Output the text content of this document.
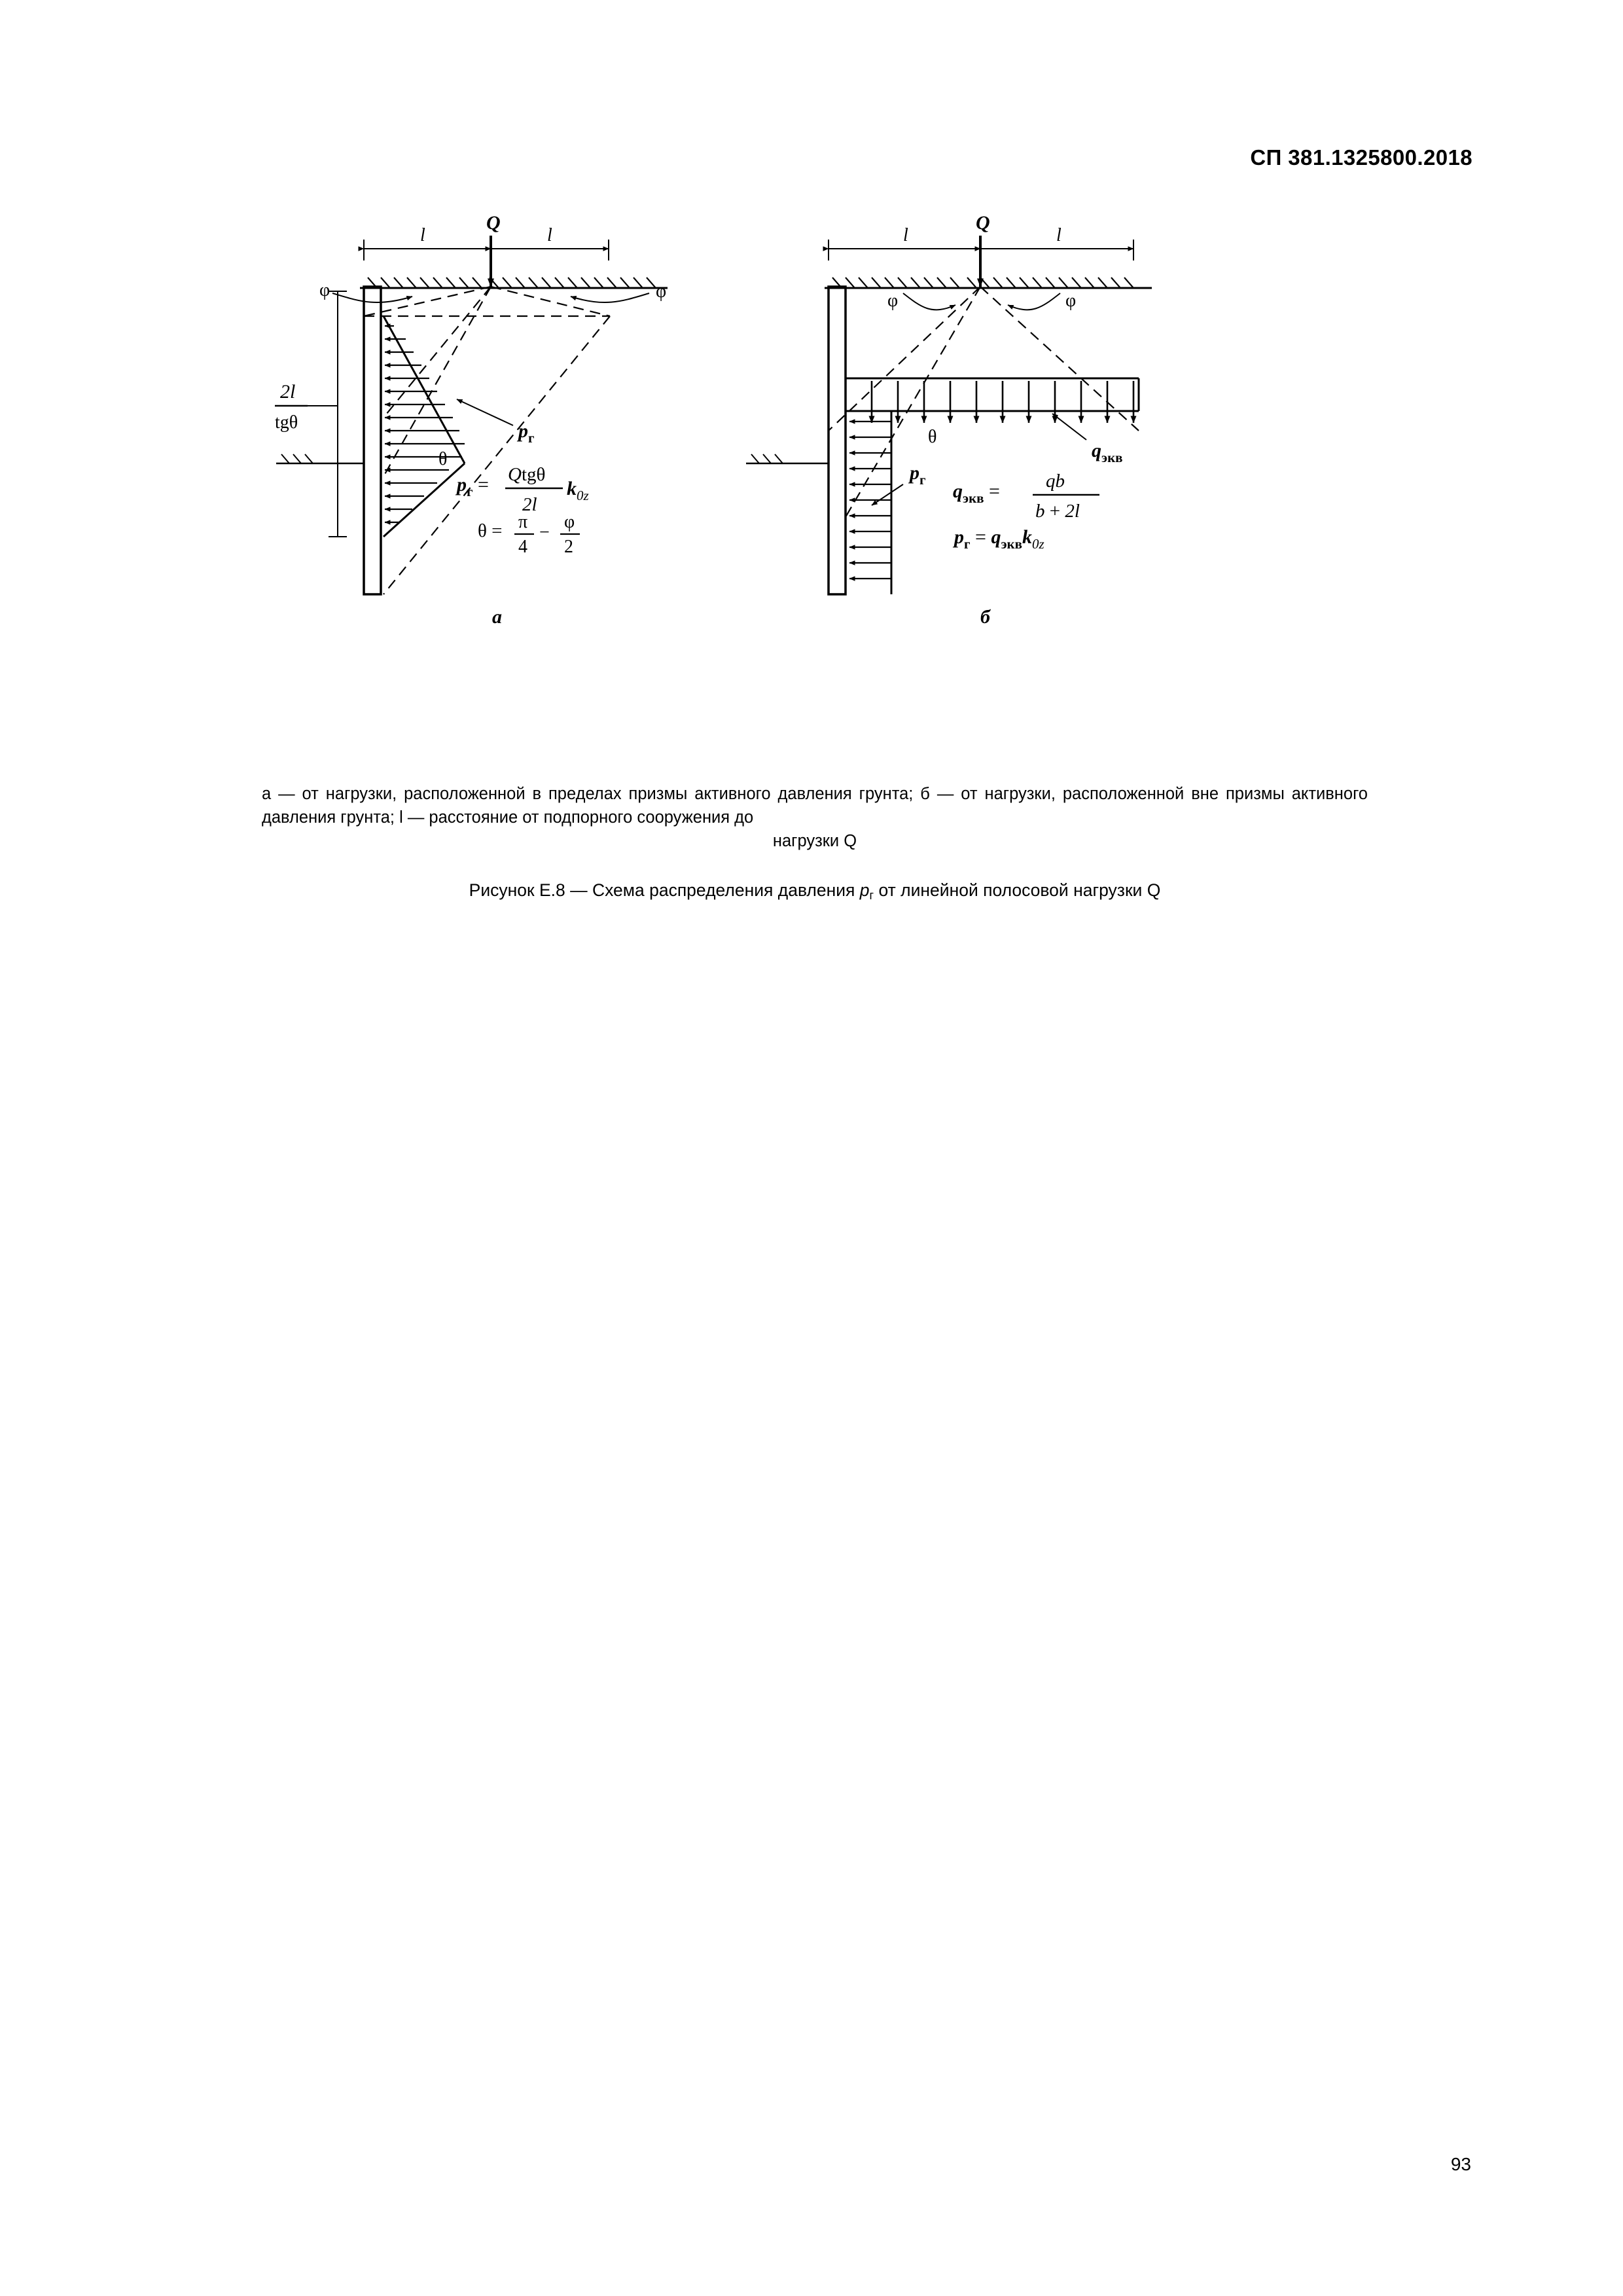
СП 381.1325800.2018
Q
l	l
φ	φ
2l
tgθ	$p_г$
θ
$p_г = Qtg\theta$
2l
$k_{0z}$
θ = π
4
−
φ
2
а
Q
l	l
φ	φ
θ
$q_{экв}$
$p_г$
$q_{экв}$ = qb
b + 2l
$p_г = q_{экв}k_{0z}$
б
а — от нагрузки, расположенной в пределах призмы активного давления грунта; б — от нагрузки, расположенной вне призмы активного давления грунта; l — расстояние от подпорного сооружения до
нагрузки Q
Рисунок Е.8 — Схема распределения давления $p_г$ от линейной полосовой нагрузки Q
93
